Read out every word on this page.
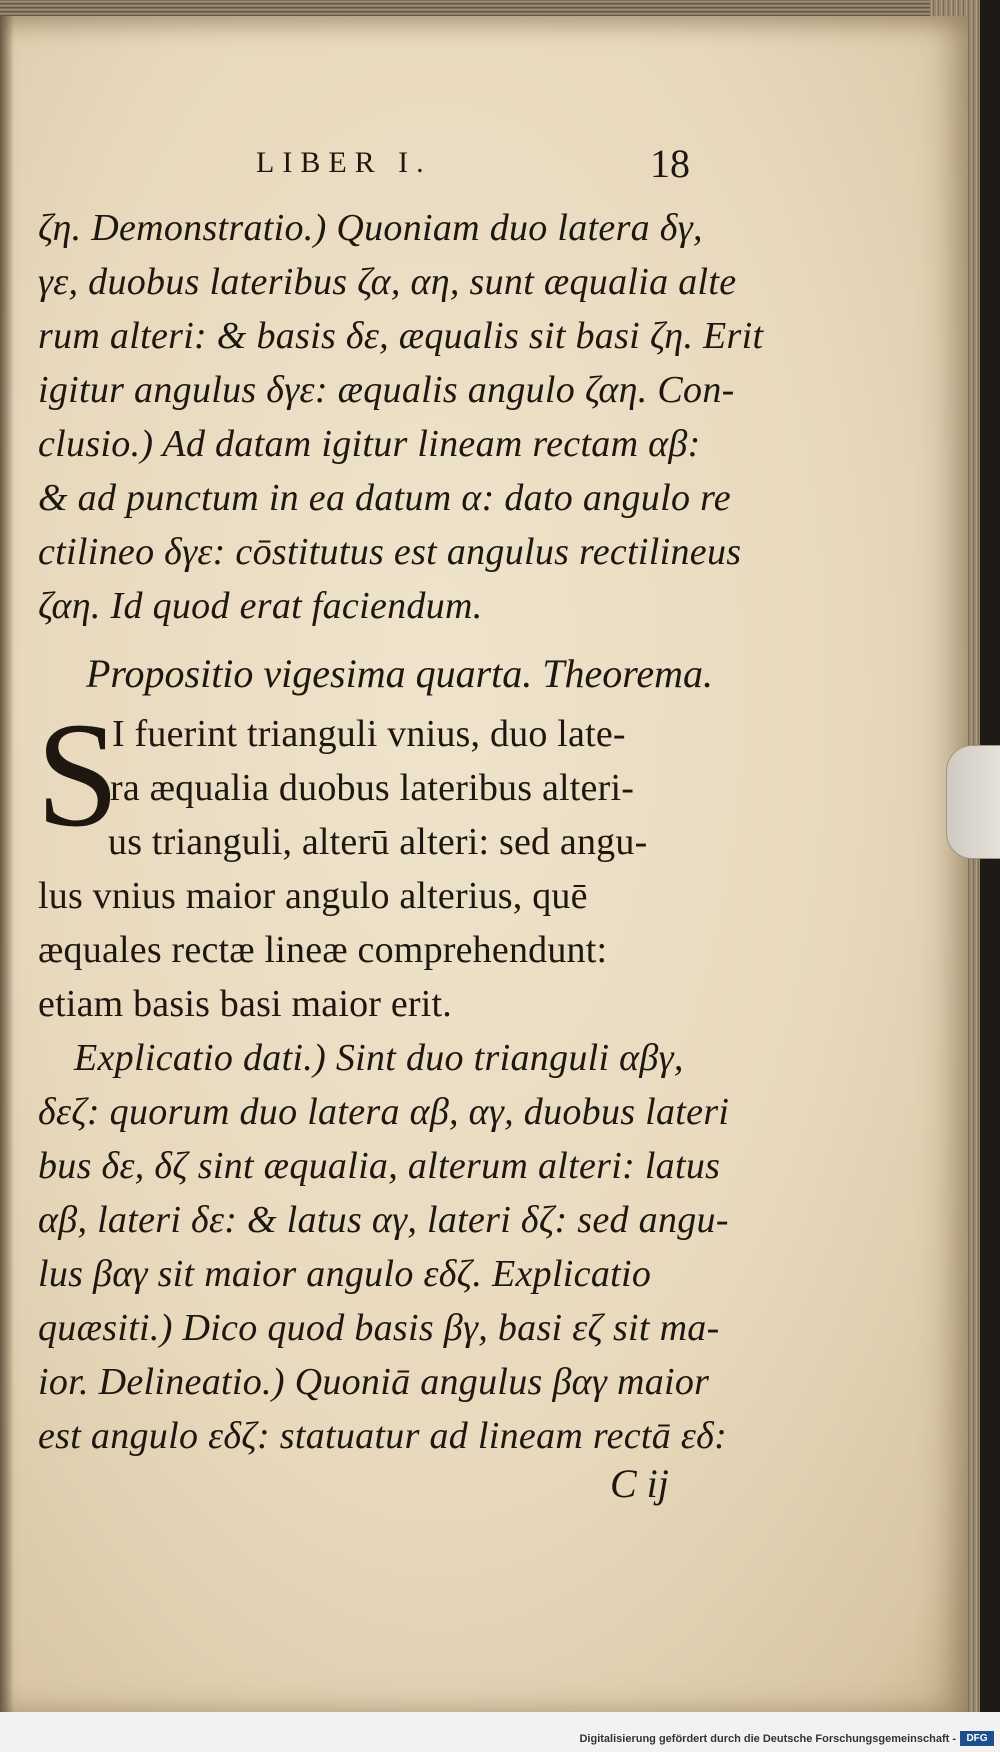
LIBER I.	18
ζη. Demonstratio.) Quoniam duo latera δγ,
γε, duobus lateribus ζα, αη, sunt æqualia alte
rum alteri: & basis δε, æqualis sit basi ζη. Erit
igitur angulus δγε: æqualis angulo ζαη. Con-
clusio.) Ad datam igitur lineam rectam αβ:
& ad punctum in ea datum α: dato angulo re
ctilineo δγε: cōstitutus est angulus rectilineus
ζαη. Id quod erat faciendum.
Propositio vigesima quarta. Theorema.
S
I fuerint trianguli vnius, duo late-
ra æqualia duobus lateribus alteri-
us trianguli, alterū alteri: sed angu-
lus vnius maior angulo alterius, quē
æquales rectæ lineæ comprehendunt:
etiam basis basi maior erit.
Explicatio dati.) Sint duo trianguli αβγ,
δεζ: quorum duo latera αβ, αγ, duobus lateri
bus δε, δζ sint æqualia, alterum alteri: latus
αβ, lateri δε: & latus αγ, lateri δζ: sed angu-
lus βαγ sit maior angulo εδζ. Explicatio
quæsiti.) Dico quod basis βγ, basi εζ sit ma-
ior. Delineatio.) Quoniā angulus βαγ maior
est angulo εδζ: statuatur ad lineam rectā εδ:
C ij
Digitalisierung gefördert durch die Deutsche Forschungsgemeinschaft -	DFG
